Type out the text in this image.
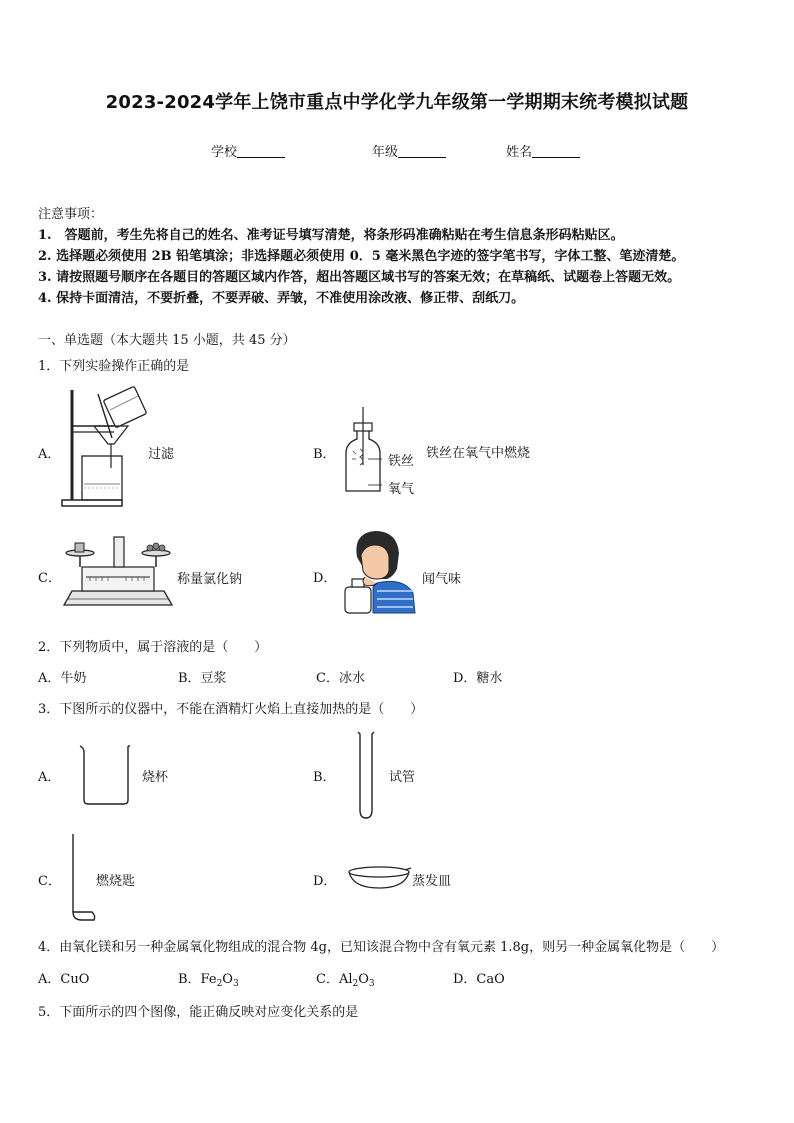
2023-2024学年上饶市重点中学化学九年级第一学期期末统考模拟试题
学校	年级	姓名
注意事项：
1.　答题前，考生先将自己的姓名、准考证号填写清楚，将条形码准确粘贴在考生信息条形码粘贴区。
2. 选择题必须使用 2B 铅笔填涂；非选择题必须使用 0．5 毫米黑色字迹的签字笔书写，字体工整、笔迹清楚。
3. 请按照题号顺序在各题目的答题区域内作答，超出答题区域书写的答案无效；在草稿纸、试题卷上答题无效。
4. 保持卡面清洁，不要折叠，不要弄破、弄皱，不准使用涂改液、修正带、刮纸刀。
一、单选题（本大题共 15 小题，共 45 分）
1．下列实验操作正确的是
A．	过滤	B．	铁丝
氧气
铁丝在氧气中燃烧
C．	称量氯化钠	D．	闻气味
2．下列物质中，属于溶液的是（　　）
A．牛奶	B．豆浆	C．冰水	D．糖水
3．下图所示的仪器中，不能在酒精灯火焰上直接加热的是（　　）
A．	烧杯	B．	试管
C．	燃烧匙	D．	蒸发皿
4．由氧化镁和另一种金属氧化物组成的混合物 4g，已知该混合物中含有氧元素 1.8g，则另一种金属氧化物是（　　）
A．CuO	B．$Fe_2O_3$	C．$Al_2O_3$	D．CaO
5．下面所示的四个图像，能正确反映对应变化关系的是
